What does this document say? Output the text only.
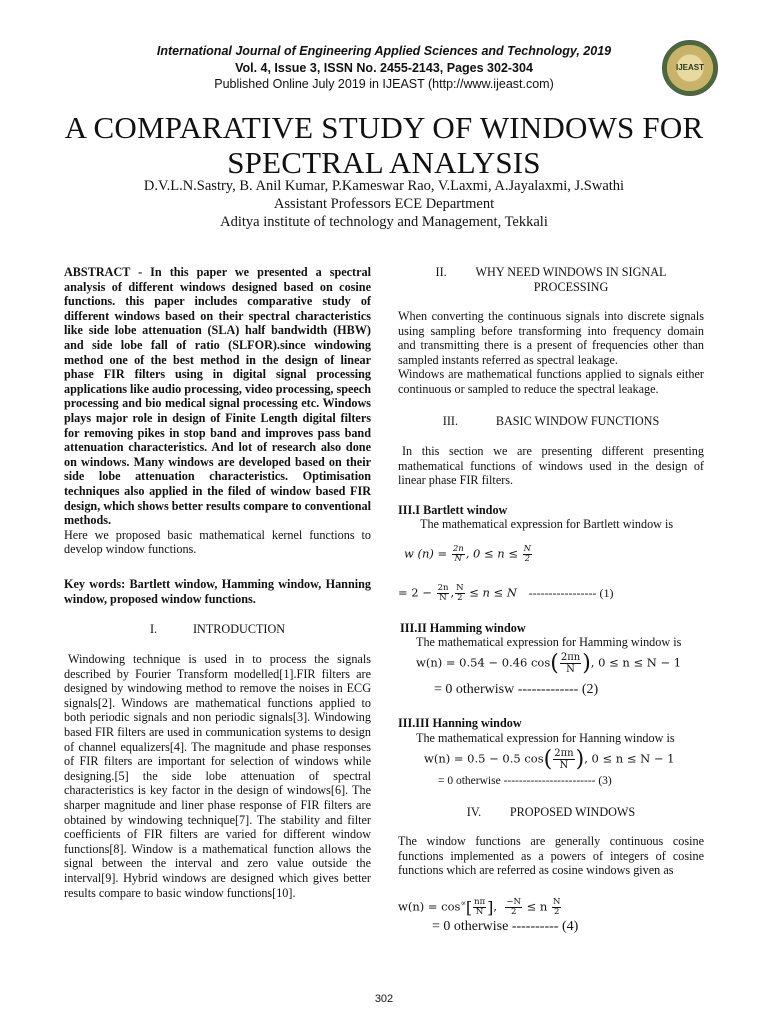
International Journal of Engineering Applied Sciences and Technology, 2019
Vol. 4, Issue 3, ISSN No. 2455-2143, Pages 302-304
Published Online July 2019 in IJEAST (http://www.ijeast.com)
IJEAST
A COMPARATIVE STUDY OF WINDOWS FOR
SPECTRAL ANALYSIS
D.V.L.N.Sastry, B. Anil Kumar, P.Kameswar Rao, V.Laxmi, A.Jayalaxmi, J.Swathi
Assistant Professors ECE Department
Aditya institute of technology and Management, Tekkali

ABSTRACT - In this paper we presented a spectral analysis of different windows designed based on cosine functions. this paper includes comparative study of different windows based on their spectral characteristics like side lobe attenuation (SLA) half bandwidth (HBW) and side lobe fall of ratio (SLFOR).since windowing method one of the best method in the design of linear phase FIR filters using in digital signal processing applications like audio processing, video processing, speech processing and bio medical signal processing etc. Windows plays major role in design of Finite Length digital filters for removing pikes in stop band and improves pass band attenuation characteristics. And lot of research also done on windows. Many windows are developed based on their side lobe attenuation characteristics. Optimisation techniques also applied in the filed of window based FIR design, which shows better results compare to conventional methods.

Here we proposed basic mathematical kernel functions to develop window functions.

Key words: Bartlett window, Hamming window, Hanning window, proposed window functions.
I.	INTRODUCTION
Windowing technique is used in to process the signals described by Fourier Transform modelled[1].FIR filters are designed by windowing method to remove the noises in ECG signals[2]. Windows are mathematical functions applied to both periodic signals and non periodic signals[3]. Windowing based FIR filters are used in communication systems to design of channel equalizers[4]. The magnitude and phase responses of FIR filters are important for selection of windows while designing.[5] the side lobe attenuation of spectral characteristics is key factor in the design of windows[6]. The sharper magnitude and liner phase response of FIR filters are obtained by windowing technique[7]. The stability and filter coefficients of FIR filters are varied for different window functions[8]. Window is a mathematical function allows the signal between the interval and zero value outside the interval[9]. Hybrid windows are designed which gives better results compare to basic window functions[10].
II. WHY NEED WINDOWS IN SIGNAL
PROCESSING

When converting the continuous signals into discrete signals using sampling before transforming into frequency domain and transmitting there is a present of frequencies other than sampled instants referred as spectral leakage.

Windows are mathematical functions applied to signals either continuous or sampled to reduce the spectral leakage.

III.	BASIC WINDOW FUNCTIONS
In this section we are presenting different presenting mathematical functions of windows used in the design of linear phase FIR filters.
III.I Bartlett window
The mathematical expression for Bartlett window is
w $(n) = \frac{2n}{N}$ , $0 \le n \le \frac{N}{2}$
= $2 - \frac{2n}{N}$ , $\frac{N}{2} \le n \le N$ ----------------- (1)
III.II Hamming window
The mathematical expression for Hamming window is
w(n) = 0.54 − 0.46 $\cos( \frac{2\pi n}{N}$ ), 0 ≤ n ≤ N − 1
= 0 otherwisw ------------- (2)
III.III Hanning window
The mathematical expression for Hanning window is
w(n) = 0.5 − 0.5 $\cos( \frac{2\pi n}{N}$ ), 0 ≤ n ≤ N − 1
= 0 otherwise ------------------------ (3)
IV. PROPOSED WINDOWS
The window functions are generally continuous cosine functions implemented as a powers of integers of cosine functions which are referred as cosine windows given as
$w(n) = \cos^\propto[ \frac{n\pi}{N}$ ], $\frac{-N}{2} \le n \frac{N}{2}$
= 0 otherwise ---------- (4)
302
